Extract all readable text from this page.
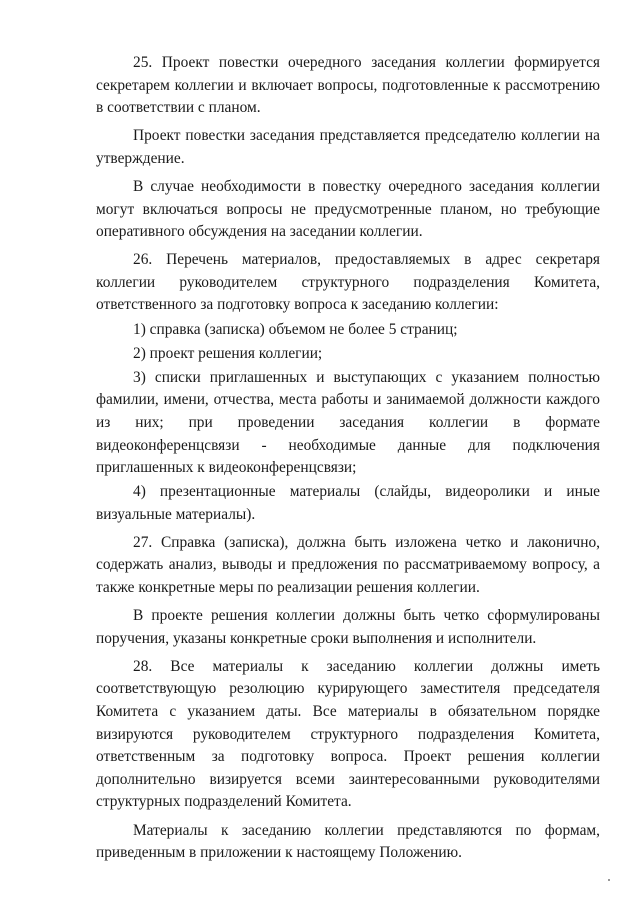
25. Проект повестки очередного заседания коллегии формируется секретарем коллегии и включает вопросы, подготовленные к рассмотрению в соответствии с планом.

Проект повестки заседания представляется председателю коллегии на утверждение.

В случае необходимости в повестку очередного заседания коллегии могут включаться вопросы не предусмотренные планом, но требующие оперативного обсуждения на заседании коллегии.

26. Перечень материалов, предоставляемых в адрес секретаря коллегии руководителем структурного подразделения Комитета, ответственного за подготовку вопроса к заседанию коллегии:

1) справка (записка) объемом не более 5 страниц;

2) проект решения коллегии;

3) списки приглашенных и выступающих с указанием полностью фамилии, имени, отчества, места работы и занимаемой должности каждого из них; при проведении заседания коллегии в формате видеоконференцсвязи - необходимые данные для подключения приглашенных к видеоконференцсвязи;

4) презентационные материалы (слайды, видеоролики и иные визуальные материалы).

27. Справка (записка), должна быть изложена четко и лаконично, содержать анализ, выводы и предложения по рассматриваемому вопросу, а также конкретные меры по реализации решения коллегии.

В проекте решения коллегии должны быть четко сформулированы поручения, указаны конкретные сроки выполнения и исполнители.

28. Все материалы к заседанию коллегии должны иметь соответствующую резолюцию курирующего заместителя председателя Комитета с указанием даты. Все материалы в обязательном порядке визируются руководителем структурного подразделения Комитета, ответственным за подготовку вопроса. Проект решения коллегии дополнительно визируется всеми заинтересованными руководителями структурных подразделений Комитета.

Материалы к заседанию коллегии представляются по формам, приведенным в приложении к настоящему Положению.
